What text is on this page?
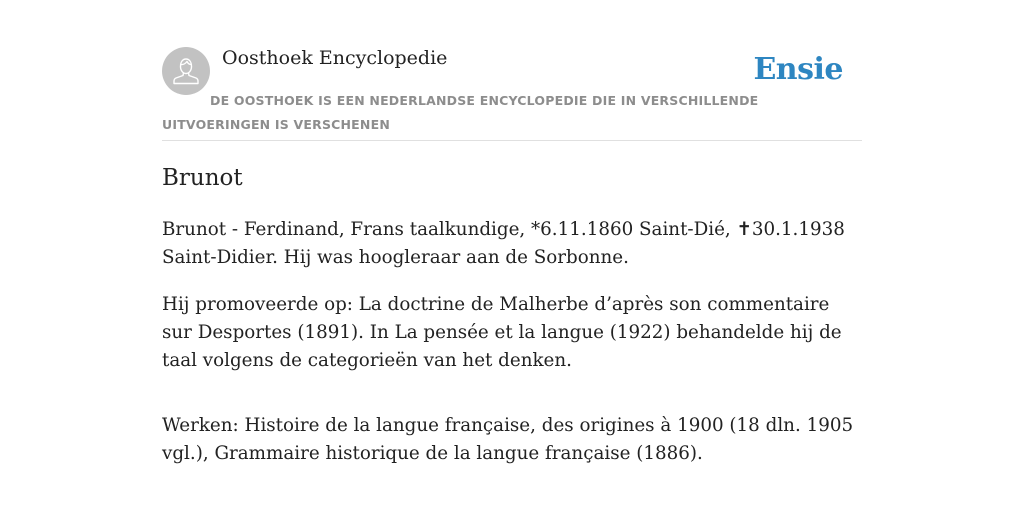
Oosthoek Encyclopedie	Ensie
DE OOSTHOEK IS EEN NEDERLANDSE ENCYCLOPEDIE DIE IN VERSCHILLENDE UITVOERINGEN IS VERSCHENEN
Brunot

Brunot - Ferdinand, Frans taalkundige, *6.11.1860 Saint-Dié, ✝30.1.1938 Saint-Didier. Hij was hoogleraar aan de Sorbonne.

Hij promoveerde op: La doctrine de Malherbe d’après son commentaire sur Desportes (1891). In La pensée et la langue (1922) behandelde hij de taal volgens de categorieën van het denken.

Werken: Histoire de la langue française, des origines à 1900 (18 dln. 1905 vgl.), Grammaire historique de la langue française (1886).
